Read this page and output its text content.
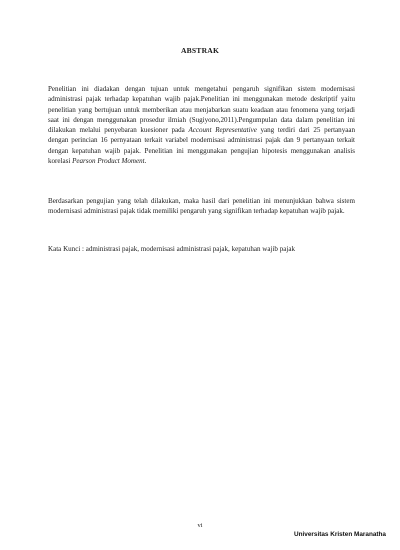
ABSTRAK

Penelitian ini diadakan dengan tujuan untuk mengetahui pengaruh signifikan sistem modernisasi administrasi pajak terhadap kepatuhan wajib pajak.Penelitian ini menggunakan metode deskriptif yaitu penelitian yang bertujuan untuk memberikan atau menjabarkan suatu keadaan atau fenomena yang terjadi saat ini dengan menggunakan prosedur ilmiah (Sugiyono,2011).Pengumpulan data dalam penelitian ini dilakukan melalui penyebaran kuesioner pada Account Representative yang terdiri dari 25 pertanyaan dengan perincian 16 pernyataan terkait variabel modernisasi administrasi pajak dan 9 pertanyaan terkait dengan kepatuhan wajib pajak. Penelitian ini menggunakan pengujian hipotesis menggunakan analisis korelasi Pearson Product Moment.

Berdasarkan pengujian yang telah dilakukan, maka hasil dari penelitian ini menunjukkan bahwa sistem modernisasi administrasi pajak tidak memiliki pengaruh yang signifikan terhadap kepatuhan wajib pajak.

Kata Kunci : administrasi pajak, modernisasi administrasi pajak, kepatuhan wajib pajak

vi
Universitas Kristen Maranatha
